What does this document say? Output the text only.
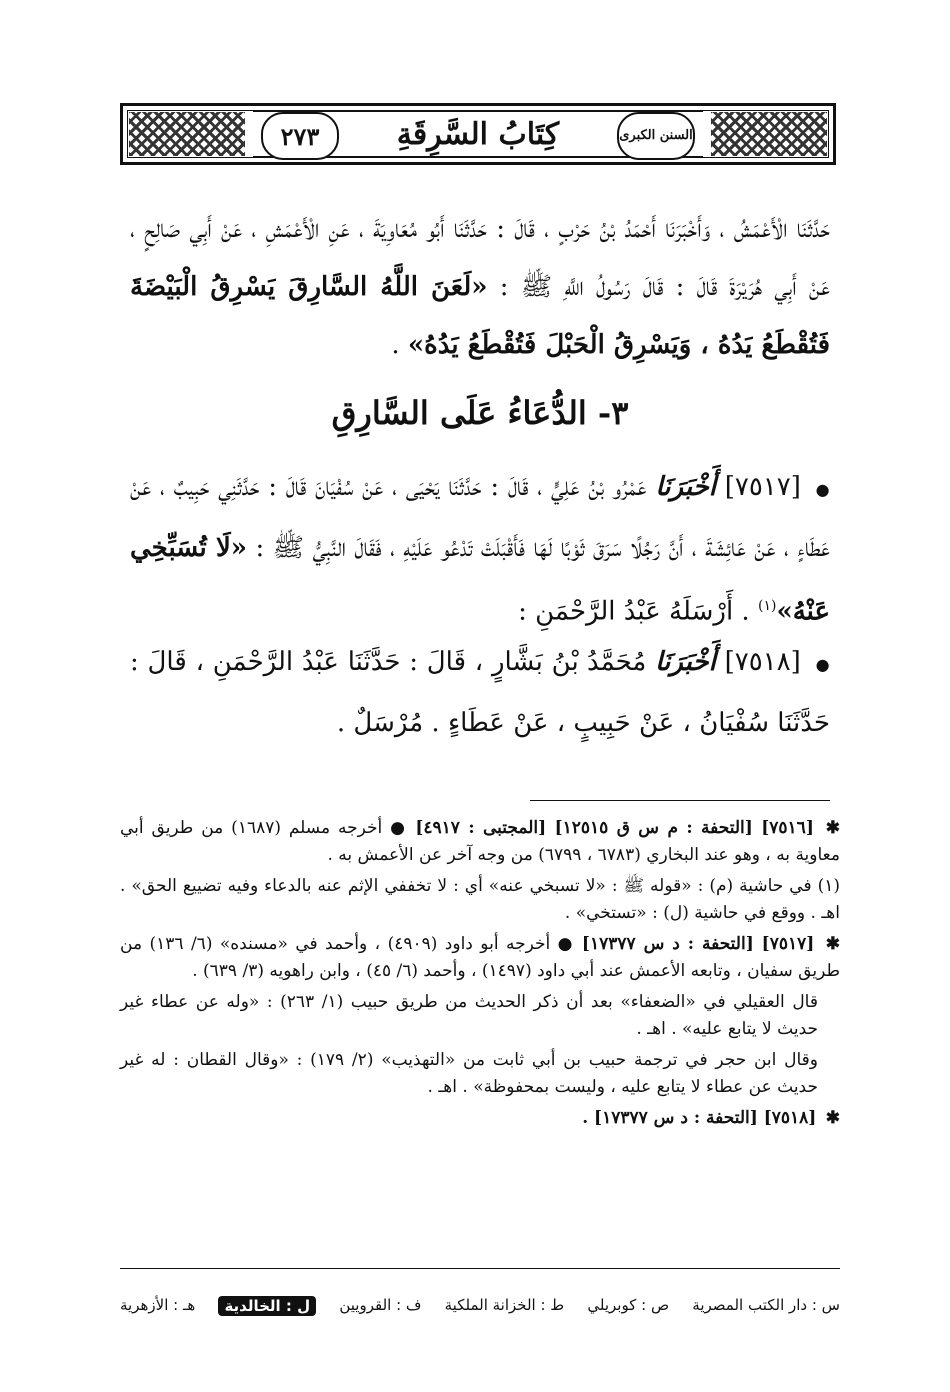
كِتَابُ السَّرِقَةِ
٢٧٣	السنن الكبرى

حَدَّثَنَا الْأَعْمَشُ ، وَأَخْبَرَنَا أَحْمَدُ بْنُ حَرْبٍ ، قَالَ : حَدَّثَنَا أَبُو مُعَاوِيَةَ ، عَنِ الْأَعْمَشِ ، عَنْ أَبِي صَالِحٍ ، عَنْ أَبِي هُرَيْرَةَ قَالَ : قَالَ رَسُولُ اللَّهِ ﷺ : «لَعَنَ اللَّهُ السَّارِقَ يَسْرِقُ الْبَيْضَةَ فَتُقْطَعُ يَدُهُ ، وَيَسْرِقُ الْحَبْلَ فَتُقْطَعُ يَدُهُ» .

٣- الدُّعَاءُ عَلَى السَّارِقِ

● [٧٥١٧] أَخْبَرَنَا عَمْرُو بْنُ عَلِيٍّ ، قَالَ : حَدَّثَنَا يَحْيَى ، عَنْ سُفْيَانَ قَالَ : حَدَّثَنِي حَبِيبٌ ، عَنْ عَطَاءٍ ، عَنْ عَائِشَةَ ، أَنَّ رَجُلًا سَرَقَ ثَوْبًا لَهَا فَأَقْبَلَتْ تَدْعُو عَلَيْهِ ، فَقَالَ النَّبِيُّ ﷺ : «لَا تُسَبِّخِي عَنْهُ»$^{(١)}$ . أَرْسَلَهُ عَبْدُ الرَّحْمَنِ :

● [٧٥١٨] أَخْبَرَنَا مُحَمَّدُ بْنُ بَشَّارٍ ، قَالَ : حَدَّثَنَا عَبْدُ الرَّحْمَنِ ، قَالَ : حَدَّثَنَا سُفْيَانُ ، عَنْ حَبِيبٍ ، عَنْ عَطَاءٍ . مُرْسَلٌ .

✱ [٧٥١٦] [التحفة : م س ق ١٢٥١٥] [المجتبى : ٤٩١٧] ● أخرجه مسلم (١٦٨٧) من طريق أبي معاوية به ، وهو عند البخاري (٦٧٨٣ ، ٦٧٩٩) من وجه آخر عن الأعمش به .

(١) في حاشية (م) : «قوله ﷺ : «لا تسبخي عنه» أي : لا تخففي الإثم عنه بالدعاء وفيه تضييع الحق» . اهـ . ووقع في حاشية (ل) : «تستخي» .

✱ [٧٥١٧] [التحفة : د س ١٧٣٧٧] ● أخرجه أبو داود (٤٩٠٩) ، وأحمد في «مسنده» (٦/ ١٣٦) من طريق سفيان ، وتابعه الأعمش عند أبي داود (١٤٩٧) ، وأحمد (٦/ ٤٥) ، وابن راهويه (٣/ ٦٣٩) .

قال العقيلي في «الضعفاء» بعد أن ذكر الحديث من طريق حبيب (١/ ٢٦٣) : «وله عن عطاء غير حديث لا يتابع عليه» . اهـ .

وقال ابن حجر في ترجمة حبيب بن أبي ثابت من «التهذيب» (٢/ ١٧٩) : «وقال القطان : له غير حديث عن عطاء لا يتابع عليه ، وليست بمحفوظة» . اهـ .

✱ [٧٥١٨] [التحفة : د س ١٧٣٧٧] .

س : دار الكتب المصرية
ص : كوبريلي
ط : الخزانة الملكية
ف : القرويين
ل : الخالدية
هـ : الأزهرية
